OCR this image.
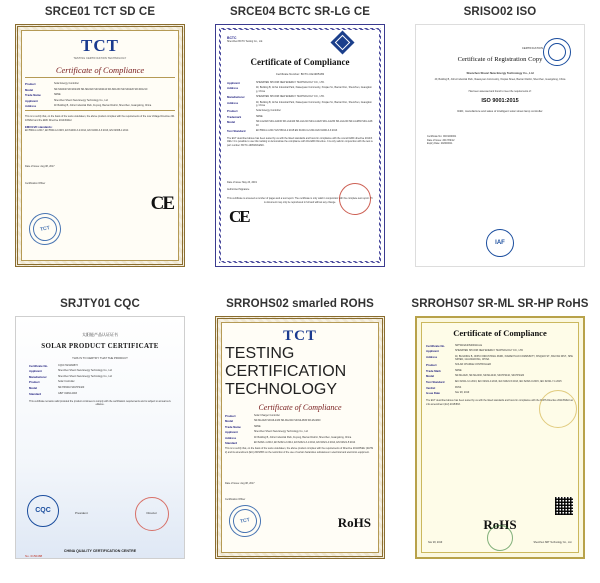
SRCE01 TCT SD CE
TCT
TESTING CERTIFICATION TECHNOLOGY
Certificate of Compliance
Product	Solar Energy Controller
Model	SR-SD2440 SR-SD2430 SR-SD2420 SR-SD2410 SR-SD1230 SR-SD1220 SR-SD1210
Trade Name	SRNE
Applicant	Shenzhen Shuori New Energy Technology Co., Ltd
Address	4F Building B, Jinhui Industrial Park, Fuyong, Bao'an District, Shenzhen, Guangdong, China
This is to certify that, on the basis of the tests undertaken, the above product complies with the requirements of the Low Voltage Directive 2014/35/EU and the EMC Directive 2014/30/EU.
EMC/LVD standards:
EN 55014-1:2017, EN 55014-2:2015, EN 61000-3-2:2014, EN 61000-3-3:2013, EN 62368-1:2014
Date of Issue: Aug 08, 2017
Certification Officer
CE
TCT
SRCE04 BCTC SR-LG CE
BCTC
Shenzhen BCTC Testing Co., Ltd.
Certificate of Compliance
Certificate Number: BCTC-CE1905183
Applicant	SHENZHEN SHUORI NEW ENERGY TECHNOLOGY CO., LTD.
Address	4F, Building B, Jinhui Industrial Park, Xiaweiyuan Community, Xinqiao St., Bao'an Dist., Shenzhen, Guangdong, China
Manufacturer	SHENZHEN SHUORI NEW ENERGY TECHNOLOGY CO., LTD.
Address	4F, Building B, Jinhui Industrial Park, Xiaweiyuan Community, Xinqiao St., Bao'an Dist., Shenzhen, Guangdong, China
Product	Solar Energy Controller
Trademark	SRNE
Model	SR-LG2420 SR-LG2430 SR-LG2440 SR-LG1210 SR-LG1220 SR-LG1230 SR-LG1240 SR-LG4830 SR-LG4840
Test Standard	EN 55014-1:2017 EN 55014-2:2015 EN 61000-3-2:2014 EN 61000-3-3:2013
The EUT described above has been tested by us with the listed standards and found in compliance with the council EMC directive 2014/30/EU. It is possible to use CE marking to demonstrate the compliance with this EMC Directive. It is only valid in conjunction with the test report number: BCTC-1905183-EMC.
Date of issue: May 23, 2019
Authorized Signature
This certificate is annexed a number of pages and a test report. The certificate is only valid in conjunction with the complete test report. This document may only be reproduced in full and without any change.
CE
SRISO02 ISO
CERTIFICATION
Certificate of Registration Copy
Shenzhen Shuori New Energy Technology Co., Ltd
4F, Building B, Jinhui Industrial Park, Xiaweiyuan Community, Xinqiao Street, Bao'an District, Shenzhen, Guangdong, China
Has been assessed and found to meet the requirements of:
ISO 9001:2015
R&D, manufacture and sales of intelligent solar street lamp controller
Certificate No: CN19/00001
Date of Issue: 2017/09/12
Expiry Date: 2020/09/11
IAF
SRJTY01 CQC
太阳能产品认证证书
SOLAR PRODUCT CERTIFICATE
THIS IS TO CERTIFY THAT THE PRODUCT
Certificate No.	CQC17021182873
Applicant	Shenzhen Shuori New Energy Technology Co., Ltd
Manufacturer	Shenzhen Shuori New Energy Technology Co., Ltd
Product	Solar Controller
Model	SR-HP2410 SR-HP2420
Standard	GB/T 19064-2003
This certificate remains valid provided the product continues to comply with the certification requirements and is subject to annual surveillance.
President	Director
CQC
CHINA QUALITY CERTIFICATION CENTRE
No. 0150488
SRROHS02 smarled ROHS
TCT
TESTING CERTIFICATION TECHNOLOGY
Certificate of Compliance
Product	Solar Charger Controller
Model	SR-ML2420 SR-ML2430 SR-ML2440 SR-ML4830 SR-ML4840
Trade Name	SRNE
Applicant	Shenzhen Shuori New Energy Technology Co., Ltd
Address	4F Building B, Jinhui Industrial Park, Fuyong, Bao'an District, Shenzhen, Guangdong, China
Standard	EN 62321-1:2013, EN 62321-2:2014, EN 62321-3-1:2014, EN 62321-4:2014, EN 62321-5:2014
This is to certify that, on the basis of the tests undertaken, the above product complies with the requirements of Directive 2011/65/EU (RoHS 2) and its amendment (EU) 2015/863 on the restriction of the use of certain hazardous substances in electrical and electronic equipment.
Date of Issue: Aug 08, 2017
Certification Officer
RoHS
TCT
SRROHS07 SR-ML SR-HP RoHS
Certificate of Compliance
Certificate No.	SRTW19A4NS0001111-E
Applicant	SHENZHEN SHUORI NEW ENERGY TECHNOLOGY CO., LTD
Address	4F, BUILDING B, JINHUI INDUSTRIAL PARK, XIAWEIYUAN COMMUNITY, XINQIAO ST., BAO'AN DIST., SHENZHEN, GUANGDONG, CHINA
Product	SOLAR CHARGE CONTROLLER
Trade Mark	SRNE
Model	SR-ML2420, SR-ML2430, SR-ML2440, SR-HP2410, SR-HP2420
Test Standard	IEC 62321-3-1:2013, IEC 62321-4:2013, IEC 62321-5:2013, IEC 62321-6:2015, IEC 62321-7-1:2015
Verdict	PASS
Issue Date	Nov 28, 2019
The EUT described above has been tested by us with the listed standards and found in compliance with the RoHS Directive 2011/65/EU and its amendment (EU) 2015/863.
Shenzhen SRT Technology Co., Ltd.
Nov 28, 2019
RoHS
